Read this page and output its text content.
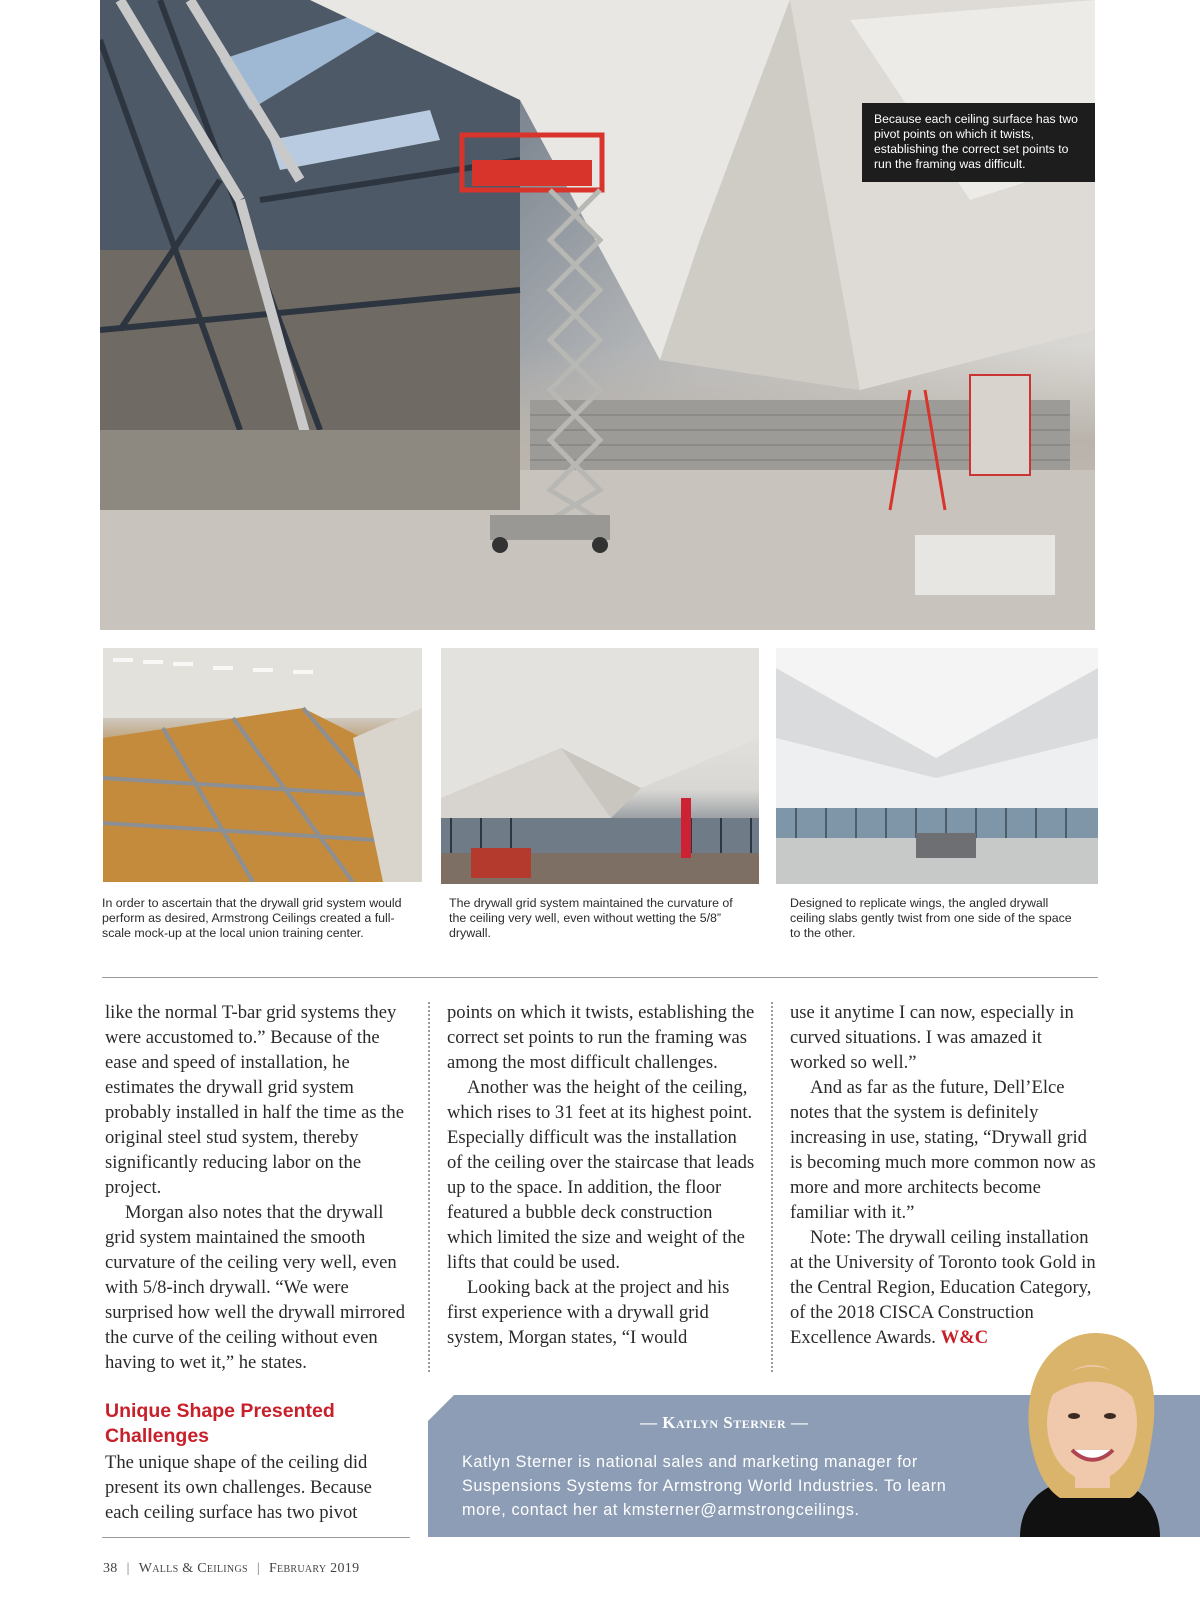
Because each ceiling surface has two pivot points on which it twists, establishing the correct set points to run the framing was difficult.
In order to ascertain that the drywall grid system would perform as desired, Armstrong Ceilings created a full-scale mock-up at the local union training center.
The drywall grid system maintained the curvature of the ceiling very well, even without wetting the 5/8” drywall.
Designed to replicate wings, the angled drywall ceiling slabs gently twist from one side of the space to the other.

like the normal T-bar grid systems they were accustomed to.” Because of the ease and speed of installation, he estimates the drywall grid system probably installed in half the time as the original steel stud system, thereby significantly reducing labor on the project.

Morgan also notes that the drywall grid system maintained the smooth curvature of the ceiling very well, even with 5/8-inch drywall. “We were surprised how well the drywall mirrored the curve of the ceiling without even having to wet it,” he states.

points on which it twists, establishing the correct set points to run the framing was among the most difficult challenges.

Another was the height of the ceiling, which rises to 31 feet at its highest point. Especially difficult was the installation of the ceiling over the staircase that leads up to the space. In addition, the floor featured a bubble deck construction which limited the size and weight of the lifts that could be used.

Looking back at the project and his first experience with a drywall grid system, Morgan states, “I would

use it anytime I can now, especially in curved situations. I was amazed it worked so well.”

And as far as the future, Dell’Elce notes that the system is definitely increasing in use, stating, “Drywall grid is becoming much more common now as more and more architects become familiar with it.”

Note: The drywall ceiling installation at the University of Toronto took Gold in the Central Region, Education Category, of the 2018 CISCA Construction Excellence Awards. W&C

Unique Shape Presented Challenges

The unique shape of the ceiling did present its own challenges. Because each ceiling surface has two pivot

— Katlyn Sterner —
Katlyn Sterner is national sales and marketing manager for Suspensions Systems for Armstrong World Industries. To learn more, contact her at kmsterner@armstrongceilings.
38 | Walls & Ceilings | February 2019
